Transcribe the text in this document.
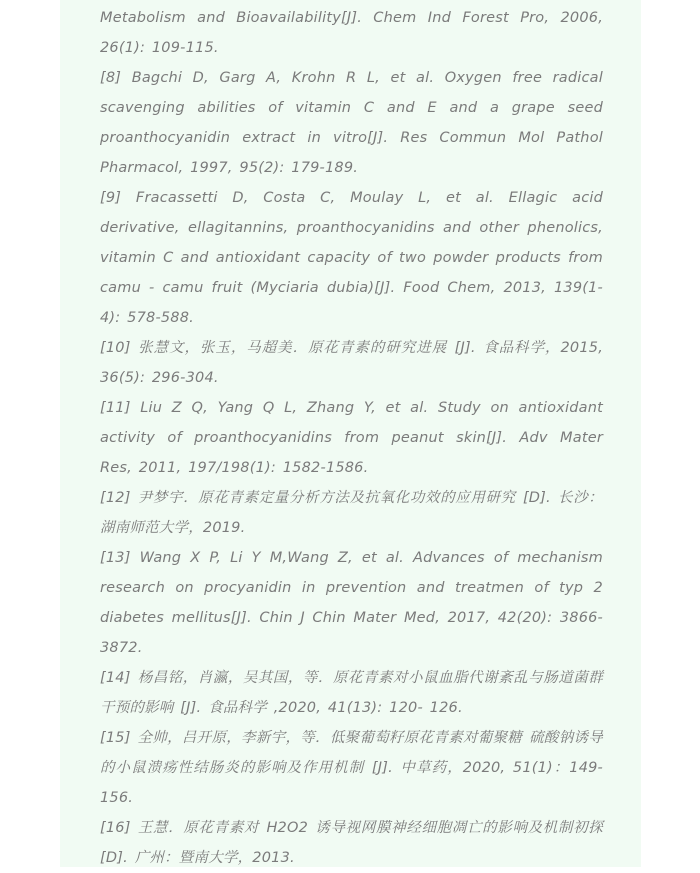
Metabolism and Bioavailability[J]. Chem Ind Forest Pro, 2006, 26(1): 109-115.

[8] Bagchi D, Garg A, Krohn R L, et al. Oxygen free radical scavenging abilities of vitamin C and E and a grape seed proanthocyanidin extract in vitro[J]. Res Commun Mol Pathol Pharmacol, 1997, 95(2): 179-189.

[9] Fracassetti D, Costa C, Moulay L, et al. Ellagic acid derivative, ellagitannins, proanthocyanidins and other phenolics, vitamin C and antioxidant capacity of two powder products from camu - camu fruit (Myciaria dubia)[J]. Food Chem, 2013, 139(1-4): 578-588.

[10] 张慧文，张玉，马超美．原花青素的研究进展 [J]. 食品科学，2015, 36(5): 296-304.

[11] Liu Z Q, Yang Q L, Zhang Y, et al. Study on antioxidant activity of proanthocyanidins from peanut skin[J]. Adv Mater Res, 2011, 197/198(1): 1582-1586.

[12] 尹梦宇．原花青素定量分析方法及抗氧化功效的应用研究 [D]. 长沙：湖南师范大学，2019.

[13] Wang X P, Li Y M,Wang Z, et al. Advances of mechanism research on procyanidin in prevention and treatmen of typ 2 diabetes mellitus[J]. Chin J Chin Mater Med, 2017, 42(20): 3866-3872.

[14] 杨昌铭，肖瀛，吴其国，等．原花青素对小鼠血脂代谢紊乱与肠道菌群干预的影响 [J]. 食品科学 ,2020, 41(13): 120- 126.

[15] 全帅，吕开原，李新宇，等．低聚葡萄籽原花青素对葡聚糖 硫酸钠诱导的小鼠溃疡性结肠炎的影响及作用机制 [J]. 中草药，2020, 51(1)：149-156.

[16] 王慧．原花青素对 H2O2 诱导视网膜神经细胞凋亡的影响及机制初探 [D]. 广州：暨南大学，2013.
